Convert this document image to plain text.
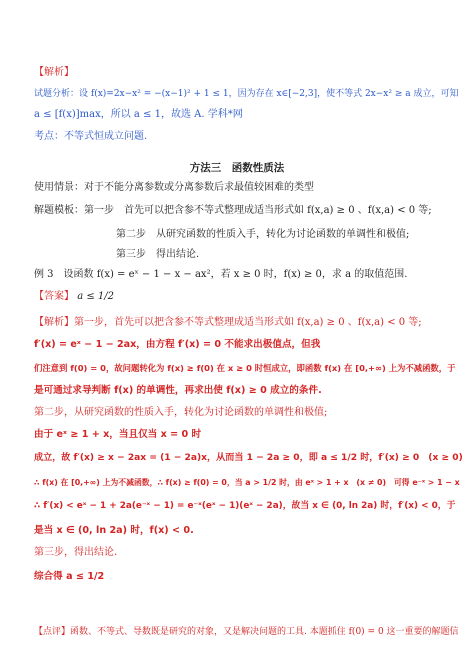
【解析】
试题分析：设 f(x)=2x−x² = −(x−1)² + 1 ≤ 1，因为存在 x∈[−2,3]，使不等式 2x−x² ≥ a 成立，可知
a ≤ [f(x)]max，所以 a ≤ 1，故选 A. 学科*网
考点：不等式恒成立问题.
方法三　函数性质法
使用情景：对于不能分离参数或分离参数后求最值较困难的类型
解题模板：第一步　首先可以把含参不等式整理成适当形式如 f(x,a) ≥ 0 、f(x,a) < 0 等;
第二步　从研究函数的性质入手，转化为讨论函数的单调性和极值;
第三步　得出结论.
例 3　设函数 f(x) = eˣ − 1 − x − ax²，若 x ≥ 0 时，f(x) ≥ 0，求 a 的取值范围.
【答案】 a ≤ 1/2
【解析】第一步，首先可以把含参不等式整理成适当形式如 f(x,a) ≥ 0 、f(x,a) < 0 等;
f′(x) = eˣ − 1 − 2ax，由方程 f′(x) = 0 不能求出极值点，但我
们注意到 f(0) = 0，故问题转化为 f(x) ≥ f(0) 在 x ≥ 0 时恒成立，即函数 f(x) 在 [0,+∞) 上为不减函数，于
是可通过求导判断 f(x) 的单调性，再求出使 f(x) ≥ 0 成立的条件.
第二步，从研究函数的性质入手，转化为讨论函数的单调性和极值;
由于 eˣ ≥ 1 + x，当且仅当 x = 0 时
成立，故 f′(x) ≥ x − 2ax = (1 − 2a)x，从而当 1 − 2a ≥ 0，即 a ≤ 1/2 时，f′(x) ≥ 0　(x ≥ 0)
∴ f(x) 在 [0,+∞) 上为不减函数，∴ f(x) ≥ f(0) = 0，当 a > 1/2 时，由 eˣ > 1 + x　(x ≠ 0)　可得 e⁻ˣ > 1 − x
∴ f′(x) < eˣ − 1 + 2a(e⁻ˣ − 1) = e⁻ˣ(eˣ − 1)(eˣ − 2a)，故当 x ∈ (0, ln 2a) 时，f′(x) < 0，于
是当 x ∈ (0, ln 2a) 时，f(x) < 0.
第三步，得出结论.
综合得 a ≤ 1/2
【点评】函数、不等式、导数既是研究的对象，又是解决问题的工具. 本题抓住 f(0) = 0 这一重要的解题信
